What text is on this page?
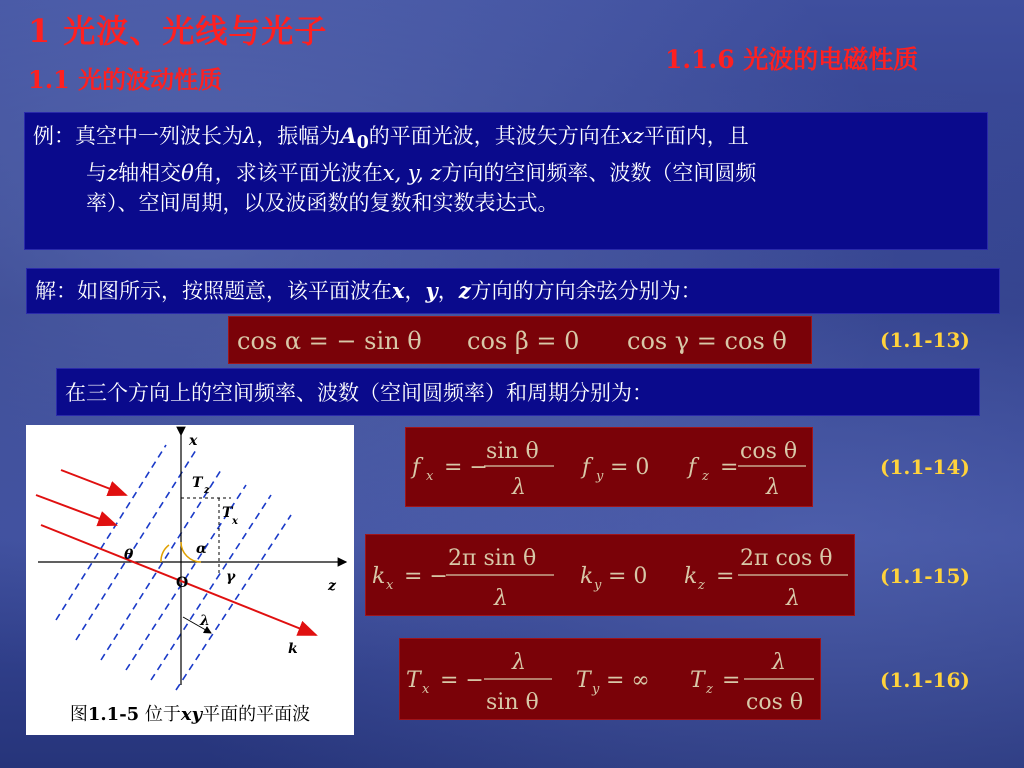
1 光波、光线与光子
1.1 光的波动性质
1.1.6 光波的电磁性质

例：真空中一列波长为λ，振幅为$A_0$的平面光波，其波矢方向在xz平面内，且

与z轴相交θ角，求该平面光波在x, y, z方向的空间频率、波数（空间圆频

率）、空间周期，以及波函数的复数和实数表达式。

解：如图所示，按照题意，该平面波在x，y，z方向的方向余弦分别为：
cos α = − sin θ cos β = 0 cos γ = cos θ	(1.1-13)
在三个方向上的空间频率、波数（空间圆频率）和周期分别为：
x
z
O
T z
T
x
α
θ
γ
λ
k
图1.1-5 位于xy平面的平面波
f x = −
sin θ
λ
f y = 0 f z =
cos θ
λ
(1.1-14)
k x = −
2π sin θ
λ
k y = 0 k z =
2π cos θ
λ
(1.1-15)
T x = −
λ
sin θ
T y = ∞ T z =
λ
cos θ
(1.1-16)
